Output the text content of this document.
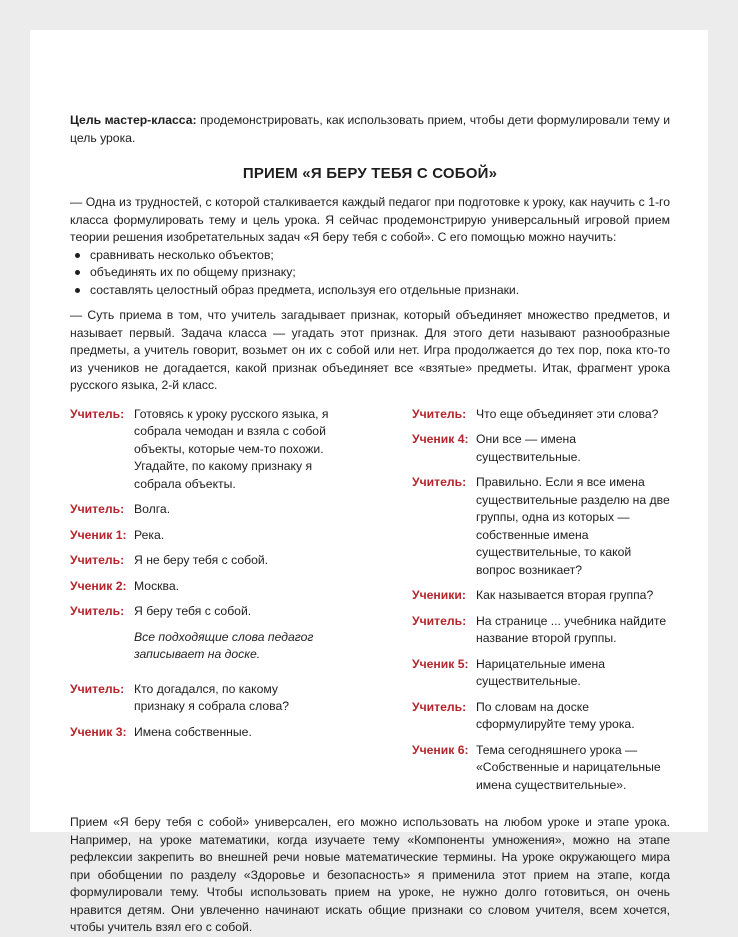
Цель мастер-класса: продемонстрировать, как использовать прием, чтобы дети формулировали тему и цель урока.

ПРИЕМ «Я БЕРУ ТЕБЯ С СОБОЙ»

— Одна из трудностей, с которой сталкивается каждый педагог при подготовке к уроку, как научить с 1-го класса формулировать тему и цель урока. Я сейчас продемонстрирую универсальный игровой прием теории решения изобретательных задач «Я беру тебя с собой». С его помощью можно научить:

сравнивать несколько объектов;
объединять их по общему признаку;
составлять целостный образ предмета, используя его отдельные признаки.

— Суть приема в том, что учитель загадывает признак, который объединяет множество предметов, и называет первый. Задача класса — угадать этот признак. Для этого дети называют разнообразные предметы, а учитель говорит, возьмет он их с собой или нет. Игра продолжается до тех пор, пока кто-то из учеников не догадается, какой признак объединяет все «взятые» предметы. Итак, фрагмент урока русского языка, 2-й класс.

Учитель: Готовясь к уроку русского языка, я собрала чемодан и взяла с собой объекты, которые чем-то похожи. Угадайте, по какому признаку я собрала объекты.
Учитель: Волга.
Ученик 1: Река.
Учитель: Я не беру тебя с собой.
Ученик 2: Москва.
Учитель: Я беру тебя с собой.
Все подходящие слова педагог записывает на доске.
Учитель: Кто догадался, по какому признаку я собрала слова?
Ученик 3: Имена собственные.
Учитель: Что еще объединяет эти слова?
Ученик 4: Они все — имена существительные.
Учитель: Правильно. Если я все имена существительные разделю на две группы, одна из которых — собственные имена существительные, то какой вопрос возникает?
Ученики: Как называется вторая группа?
Учитель: На странице ... учебника найдите название второй группы.
Ученик 5: Нарицательные имена существительные.
Учитель: По словам на доске сформулируйте тему урока.
Ученик 6: Тема сегодняшнего урока — «Собственные и нарицательные имена существительные».

Прием «Я беру тебя с собой» универсален, его можно использовать на любом уроке и этапе урока. Например, на уроке математики, когда изучаете тему «Компоненты умножения», можно на этапе рефлексии закрепить во внешней речи новые математические термины. На уроке окружающего мира при обобщении по разделу «Здоровье и безопасность» я применила этот прием на этапе, когда формулировали тему. Чтобы использовать прием на уроке, не нужно долго готовиться, он очень нравится детям. Они увлеченно начинают искать общие признаки со словом учителя, всем хочется, чтобы учитель взял его с собой.
